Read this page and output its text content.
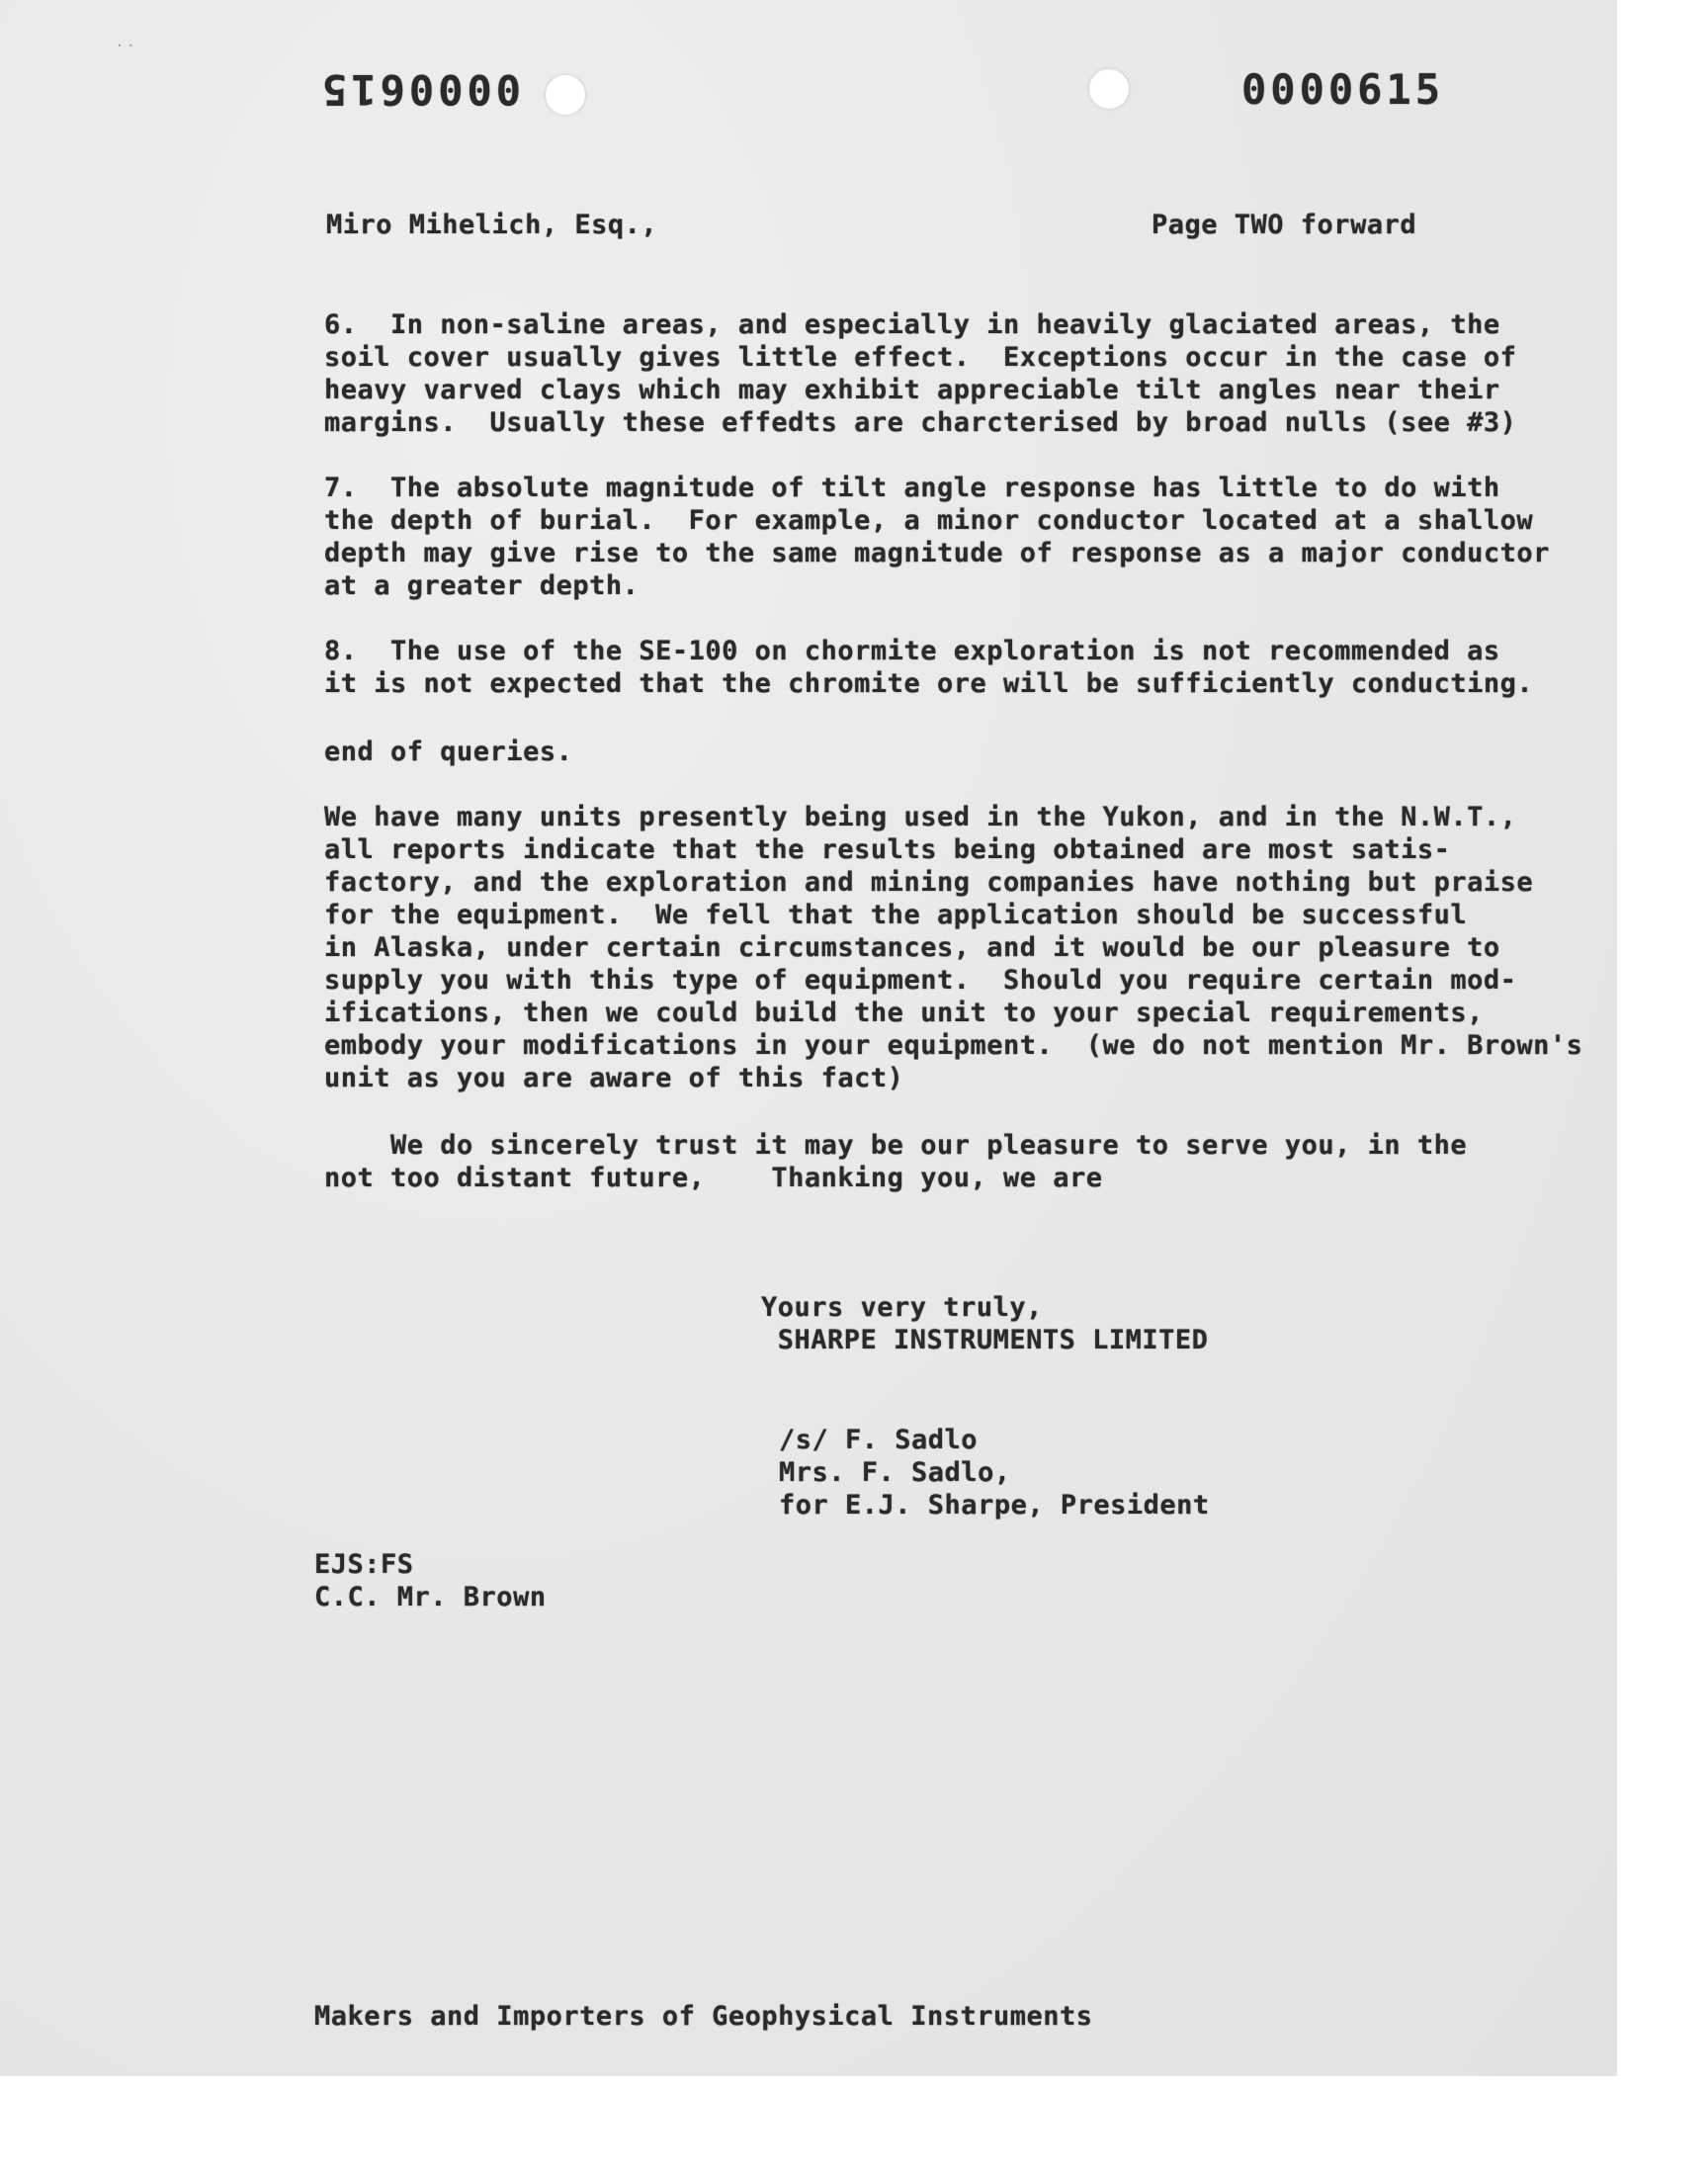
· ·
0000615	0000615
Miro Mihelich, Esq.,	Page TWO forward
6.  In non-saline areas, and especially in heavily glaciated areas, the
soil cover usually gives little effect.  Exceptions occur in the case of
heavy varved clays which may exhibit appreciable tilt angles near their
margins.  Usually these effedts are charcterised by broad nulls (see #3)
7.  The absolute magnitude of tilt angle response has little to do with
the depth of burial.  For example, a minor conductor located at a shallow
depth may give rise to the same magnitude of response as a major conductor
at a greater depth.
8.  The use of the SE-100 on chormite exploration is not recommended as
it is not expected that the chromite ore will be sufficiently conducting.
end of queries.
We have many units presently being used in the Yukon, and in the N.W.T.,
all reports indicate that the results being obtained are most satis-
factory, and the exploration and mining companies have nothing but praise
for the equipment.  We fell that the application should be successful
in Alaska, under certain circumstances, and it would be our pleasure to
supply you with this type of equipment.  Should you require certain mod-
ifications, then we could build the unit to your special requirements,
embody your modifications in your equipment.  (we do not mention Mr. Brown's
unit as you are aware of this fact)
We do sincerely trust it may be our pleasure to serve you, in the
not too distant future,    Thanking you, we are
Yours very truly,
SHARPE INSTRUMENTS LIMITED
/s/ F. Sadlo
Mrs. F. Sadlo,
for E.J. Sharpe, President
EJS:FS
C.C. Mr. Brown
Makers and Importers of Geophysical Instruments
